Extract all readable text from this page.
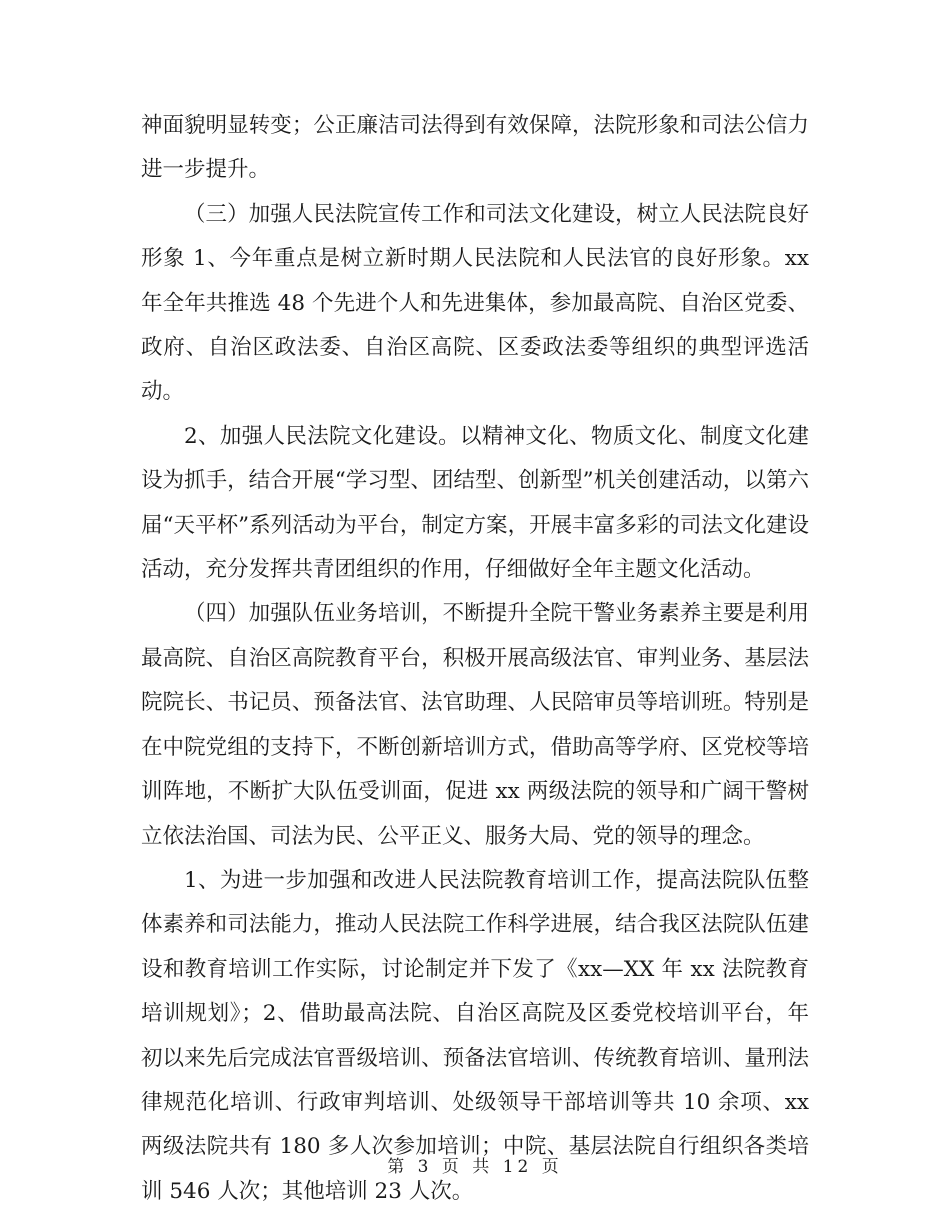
神面貌明显转变；公正廉洁司法得到有效保障，法院形象和司法公信力进一步提升。

（三）加强人民法院宣传工作和司法文化建设，树立人民法院良好形象 1、今年重点是树立新时期人民法院和人民法官的良好形象。xx 年全年共推选 48 个先进个人和先进集体，参加最高院、自治区党委、政府、自治区政法委、自治区高院、区委政法委等组织的典型评选活动。

2、加强人民法院文化建设。以精神文化、物质文化、制度文化建设为抓手，结合开展“学习型、团结型、创新型”机关创建活动，以第六届“天平杯”系列活动为平台，制定方案，开展丰富多彩的司法文化建设活动，充分发挥共青团组织的作用，仔细做好全年主题文化活动。

（四）加强队伍业务培训，不断提升全院干警业务素养主要是利用最高院、自治区高院教育平台，积极开展高级法官、审判业务、基层法院院长、书记员、预备法官、法官助理、人民陪审员等培训班。特别是在中院党组的支持下，不断创新培训方式，借助高等学府、区党校等培训阵地，不断扩大队伍受训面，促进 xx 两级法院的领导和广阔干警树立依法治国、司法为民、公平正义、服务大局、党的领导的理念。

1、为进一步加强和改进人民法院教育培训工作，提高法院队伍整体素养和司法能力，推动人民法院工作科学进展，结合我区法院队伍建设和教育培训工作实际，讨论制定并下发了《xx—XX 年 xx 法院教育培训规划》；2、借助最高法院、自治区高院及区委党校培训平台，年初以来先后完成法官晋级培训、预备法官培训、传统教育培训、量刑法律规范化培训、行政审判培训、处级领导干部培训等共 10 余项、xx 两级法院共有 180 多人次参加培训；中院、基层法院自行组织各类培训 546 人次；其他培训 23 人次。

第 3 页 共 12 页
